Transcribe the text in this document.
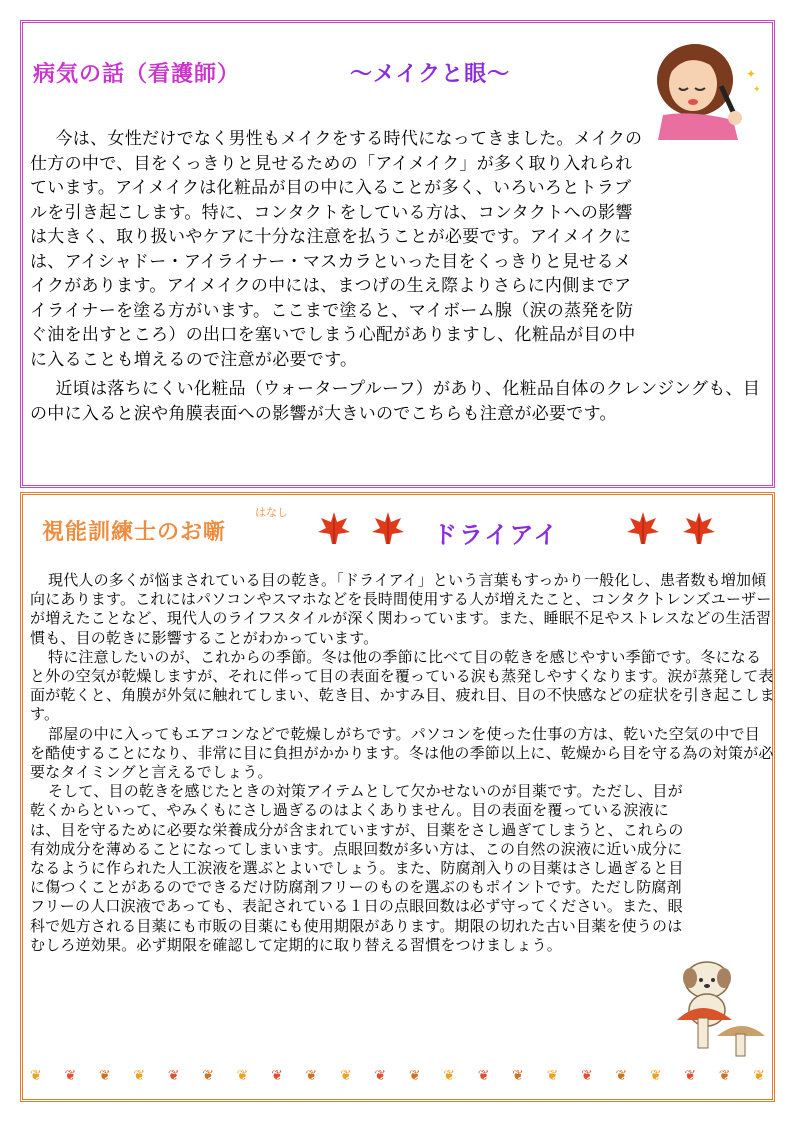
病気の話（看護師）	～メイクと眼～	✦
✦

今は、女性だけでなく男性もメイクをする時代になってきました。メイクの仕方の中で、目をくっきりと見せるための「アイメイク」が多く取り入れられています。アイメイクは化粧品が目の中に入ることが多く、いろいろとトラブルを引き起こします。特に、コンタクトをしている方は、コンタクトへの影響は大きく、取り扱いやケアに十分な注意を払うことが必要です。アイメイクには、アイシャドー・アイライナー・マスカラといった目をくっきりと見せるメイクがあります。アイメイクの中には、まつげの生え際よりさらに内側までアイライナーを塗る方がいます。ここまで塗ると、マイボーム腺（涙の蒸発を防ぐ油を出すところ）の出口を塞いでしまう心配がありますし、化粧品が目の中に入ることも増えるので注意が必要です。

近頃は落ちにくい化粧品（ウォータープルーフ）があり、化粧品自体のクレンジングも、目の中に入ると涙や角膜表面への影響が大きいのでこちらも注意が必要です。

はなし
視能訓練士のお噺	ドライアイ

現代人の多くが悩まされている目の乾き。「ドライアイ」という言葉もすっかり一般化し、患者数も増加傾向にあります。これにはパソコンやスマホなどを長時間使用する人が増えたこと、コンタクトレンズユーザーが増えたことなど、現代人のライフスタイルが深く関わっています。また、睡眠不足やストレスなどの生活習慣も、目の乾きに影響することがわかっています。

特に注意したいのが、これからの季節。冬は他の季節に比べて目の乾きを感じやすい季節です。冬になると外の空気が乾燥しますが、それに伴って目の表面を覆っている涙も蒸発しやすくなります。涙が蒸発して表面が乾くと、角膜が外気に触れてしまい、乾き目、かすみ目、疲れ目、目の不快感などの症状を引き起こします。

部屋の中に入ってもエアコンなどで乾燥しがちです。パソコンを使った仕事の方は、乾いた空気の中で目を酷使することになり、非常に目に負担がかかります。冬は他の季節以上に、乾燥から目を守る為の対策が必要なタイミングと言えるでしょう。

そして、目の乾きを感じたときの対策アイテムとして欠かせないのが目薬です。ただし、目が乾くからといって、やみくもにさし過ぎるのはよくありません。目の表面を覆っている涙液には、目を守るために必要な栄養成分が含まれていますが、目薬をさし過ぎてしまうと、これらの有効成分を薄めることになってしまいます。点眼回数が多い方は、この自然の涙液に近い成分になるように作られた人工涙液を選ぶとよいでしょう。また、防腐剤入りの目薬はさし過ぎると目に傷つくことがあるのでできるだけ防腐剤フリーのものを選ぶのもポイントです。ただし防腐剤フリーの人口涙液であっても、表記されている１日の点眼回数は必ず守ってください。また、眼科で処方される目薬にも市販の目薬にも使用期限があります。期限の切れた古い目薬を使うのはむしろ逆効果。必ず期限を確認して定期的に取り替える習慣をつけましょう。

❦ ❦ ❦ ❦ ❦ ❦ ❦ ❦ ❦ ❦ ❦ ❦ ❦ ❦ ❦ ❦ ❦ ❦ ❦ ❦ ❦ ❦
